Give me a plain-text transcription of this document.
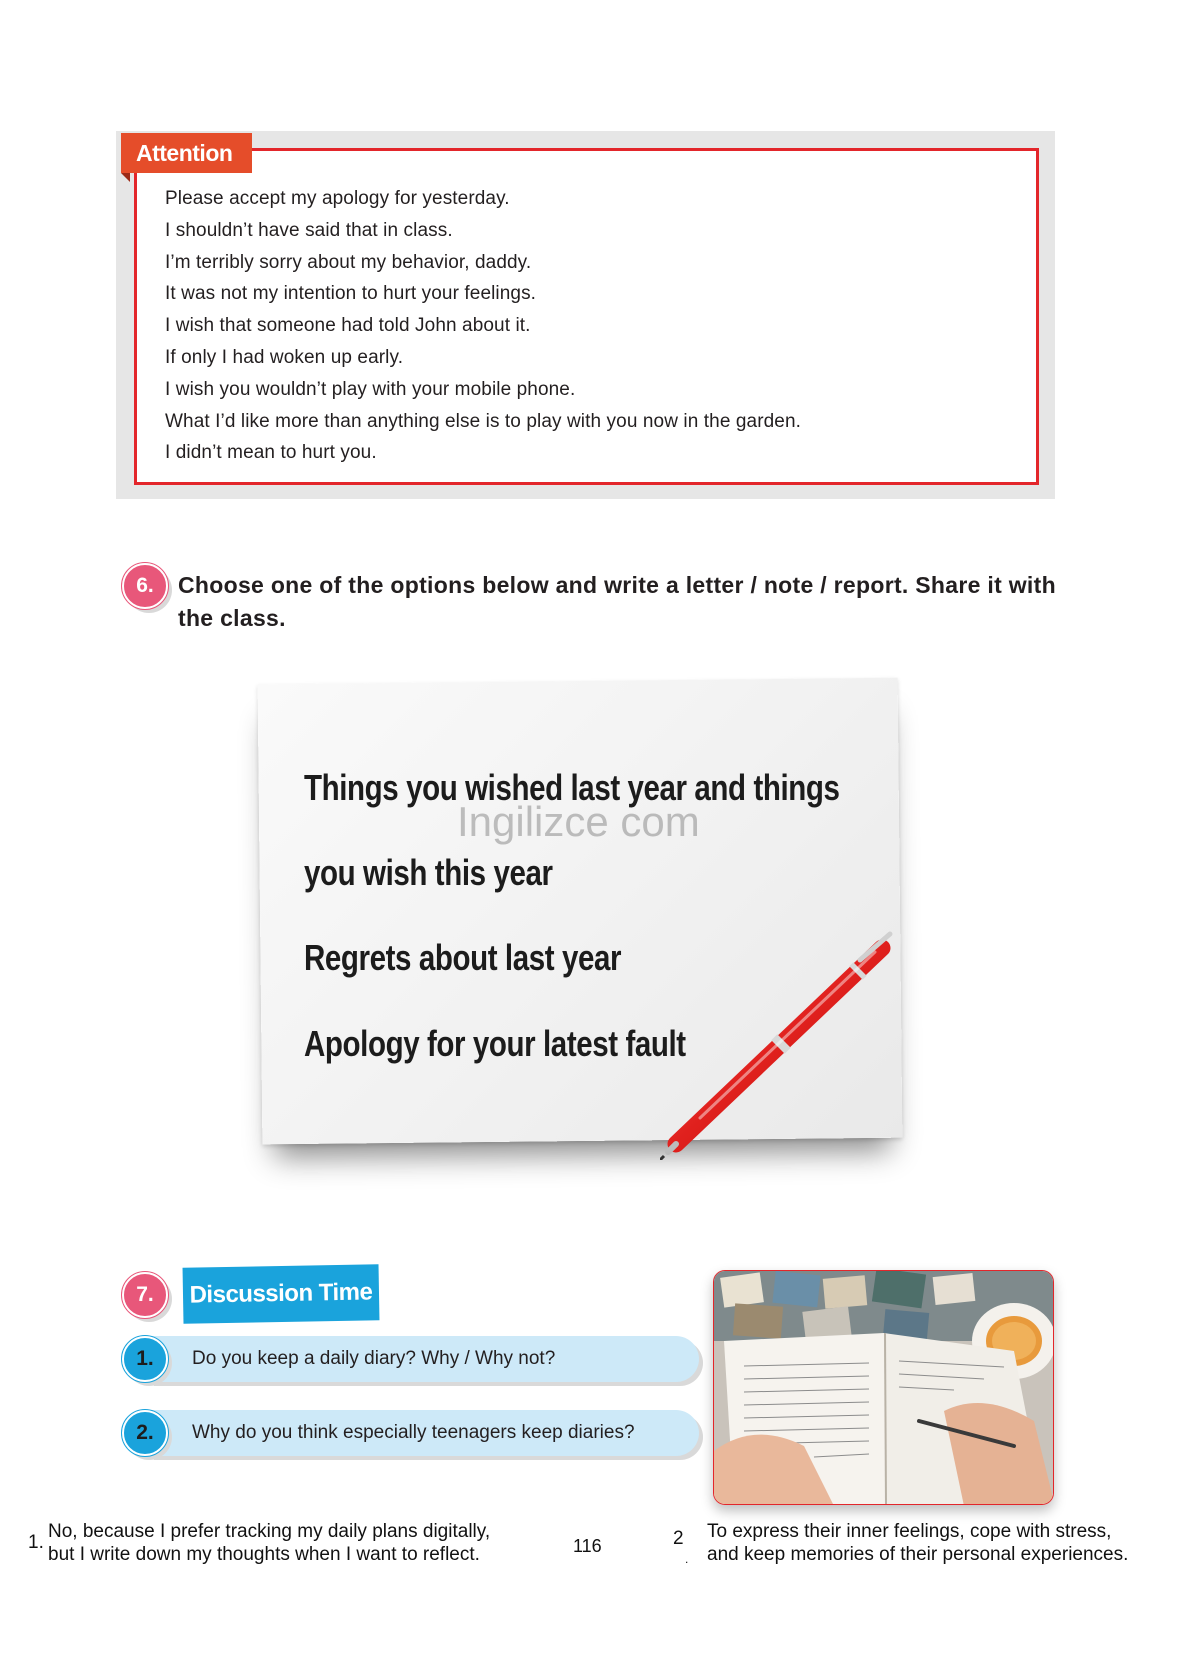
Attention
Please accept my apology for yesterday.
I shouldn’t have said that in class.
I’m terribly sorry about my behavior, daddy.
It was not my intention to hurt your feelings.
I wish that someone had told John about it.
If only I had woken up early.
I wish you wouldn’t play with your mobile phone.
What I’d like more than anything else is to play with you now in the garden.
I didn’t mean to hurt you.
6.	Choose one of the options below and write a letter / note / report. Share it with the class.
Things you wished last year and things
Ingilizce com
you wish this year
Regrets about last year
Apology for your latest fault
7.	Discussion Time
Do you keep a daily diary? Why / Why not?
1.
Why do you think especially teenagers keep diaries?
2.
1.
No, because I prefer tracking my daily plans digitally,
but I write down my thoughts when I want to reflect.	116	2
.
To express their inner feelings, cope with stress,
and keep memories of their personal experiences.
